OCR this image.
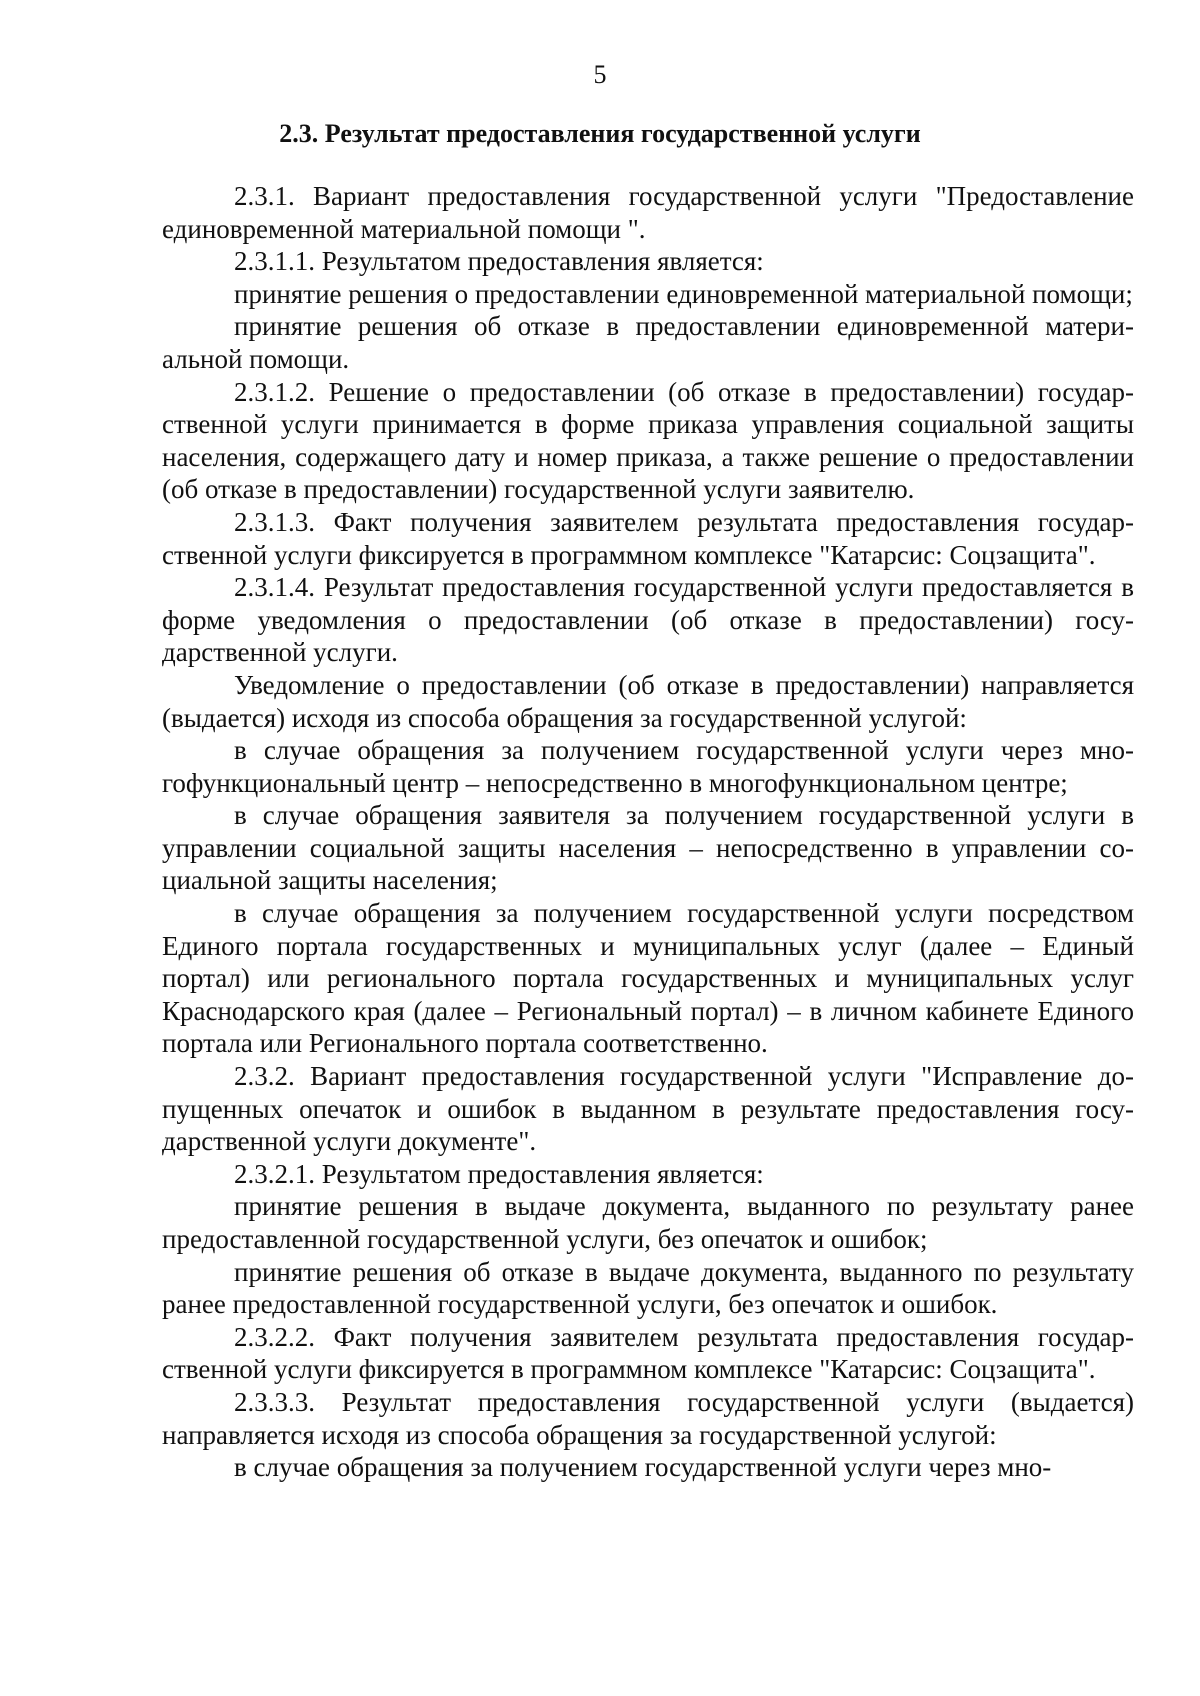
5

2.3. Результат предоставления государственной услуги

2.3.1. Вариант предоставления государственной услуги "Предоставление единовременной материальной помощи ".

2.3.1.1. Результатом предоставления является:

принятие решения о предоставлении единовременной материальной помощи;

принятие решения об отказе в предоставлении единовременной материальной помощи.

2.3.1.2. Решение о предоставлении (об отказе в предоставлении) государственной услуги принимается в форме приказа управления социальной защиты населения, содержащего дату и номер приказа, а также решение о предоставлении (об отказе в предоставлении) государственной услуги заявителю.

2.3.1.3. Факт получения заявителем результата предоставления государственной услуги фиксируется в программном комплексе "Катарсис: Соцзащита".

2.3.1.4. Результат предоставления государственной услуги предоставляется в форме уведомления о предоставлении (об отказе в предоставлении) государственной услуги.

Уведомление о предоставлении (об отказе в предоставлении) направляется (выдается) исходя из способа обращения за государственной услугой:

в случае обращения за получением государственной услуги через многофункциональный центр – непосредственно в многофункциональном центре;

в случае обращения заявителя за получением государственной услуги в управлении социальной защиты населения – непосредственно в управлении социальной защиты населения;

в случае обращения за получением государственной услуги посредством Единого портала государственных и муниципальных услуг (далее – Единый портал) или регионального портала государственных и муниципальных услуг Краснодарского края (далее – Региональный портал) – в личном кабинете Единого портала или Регионального портала соответственно.

2.3.2. Вариант предоставления государственной услуги "Исправление допущенных опечаток и ошибок в выданном в результате предоставления государственной услуги документе".

2.3.2.1. Результатом предоставления является:

принятие решения в выдаче документа, выданного по результату ранее предоставленной государственной услуги, без опечаток и ошибок;

принятие решения об отказе в выдаче документа, выданного по результату ранее предоставленной государственной услуги, без опечаток и ошибок.

2.3.2.2. Факт получения заявителем результата предоставления государственной услуги фиксируется в программном комплексе "Катарсис: Соцзащита".

2.3.3.3. Результат предоставления государственной услуги (выдается) направляется исходя из способа обращения за государственной услугой:

в случае обращения за получением государственной услуги через мно-
